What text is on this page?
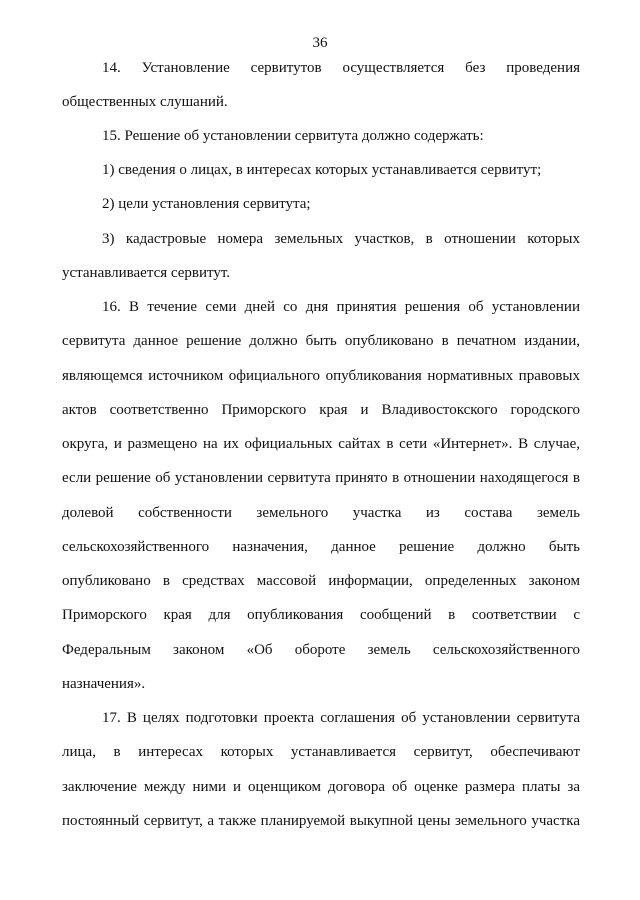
36
14. Установление сервитутов осуществляется без проведения
общественных слушаний.
15. Решение об установлении сервитута должно содержать:
1) сведения о лицах, в интересах которых устанавливается сервитут;
2) цели установления сервитута;
3) кадастровые номера земельных участков, в отношении которых
устанавливается сервитут.
16. В течение семи дней со дня принятия решения об установлении
сервитута данное решение должно быть опубликовано в печатном издании,
являющемся источником официального опубликования нормативных правовых
актов соответственно Приморского края и Владивостокского городского
округа, и размещено на их официальных сайтах в сети «Интернет». В случае,
если решение об установлении сервитута принято в отношении находящегося в
долевой собственности земельного участка из состава земель
сельскохозяйственного назначения, данное решение должно быть
опубликовано в средствах массовой информации, определенных законом
Приморского края для опубликования сообщений в соответствии с
Федеральным законом «Об обороте земель сельскохозяйственного
назначения».
17. В целях подготовки проекта соглашения об установлении сервитута
лица, в интересах которых устанавливается сервитут, обеспечивают
заключение между ними и оценщиком договора об оценке размера платы за
постоянный сервитут, а также планируемой выкупной цены земельного участка
